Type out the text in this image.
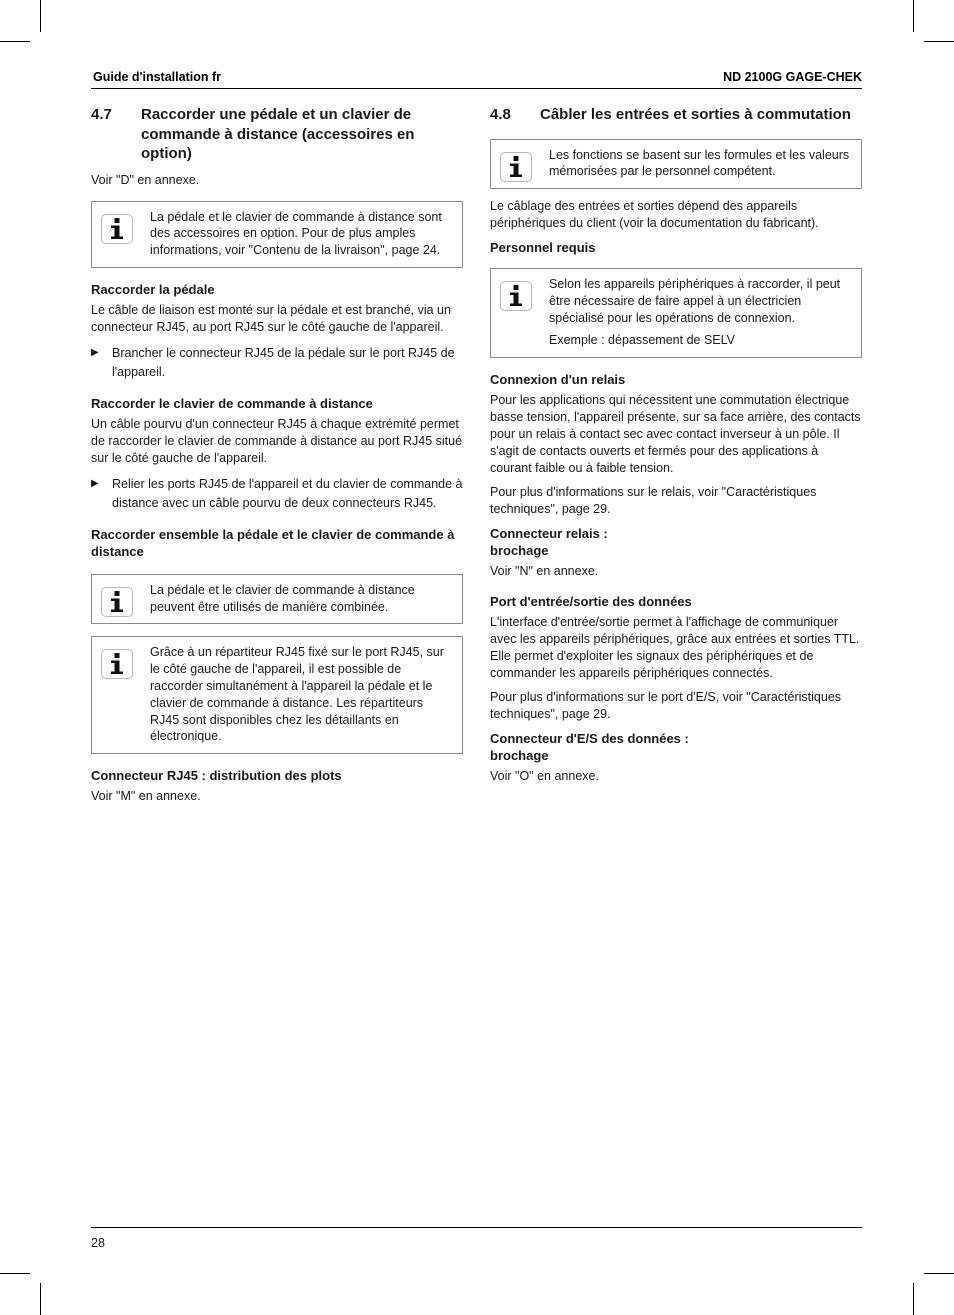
Guide d'installation fr	ND 2100G GAGE-CHEK
4.7	Raccorder une pédale et un clavier de commande à distance (accessoires en option)

Voir "D" en annexe.

La pédale et le clavier de commande à distance sont des accessoires en option. Pour de plus amples informations, voir "Contenu de la livraison", page 24.

Raccorder la pédale

Le câble de liaison est monté sur la pédale et est branché, via un connecteur RJ45, au port RJ45 sur le côté gauche de l'appareil.

▶	Brancher le connecteur RJ45 de la pédale sur le port RJ45 de l'appareil.
Raccorder le clavier de commande à distance

Un câble pourvu d'un connecteur RJ45 à chaque extrémité permet de raccorder le clavier de commande à distance au port RJ45 situé sur le côté gauche de l'appareil.

▶	Relier les ports RJ45 de l'appareil et du clavier de commande à distance avec un câble pourvu de deux connecteurs RJ45.
Raccorder ensemble la pédale et le clavier de commande à distance

La pédale et le clavier de commande à distance peuvent être utilisés de manière combinée.

Grâce à un répartiteur RJ45 fixé sur le port RJ45, sur le côté gauche de l'appareil, il est possible de raccorder simultanément à l'appareil la pédale et le clavier de commande à distance. Les répartiteurs RJ45 sont disponibles chez les détaillants en électronique.

Connecteur RJ45 : distribution des plots

Voir "M" en annexe.

4.8	Câbler les entrées et sorties à commutation

Les fonctions se basent sur les formules et les valeurs mémorisées par le personnel compétent.

Le câblage des entrées et sorties dépend des appareils périphériques du client (voir la documentation du fabricant).

Personnel requis

Selon les appareils périphériques à raccorder, il peut être nécessaire de faire appel à un électricien spécialisé pour les opérations de connexion.

Exemple : dépassement de SELV

Connexion d'un relais

Pour les applications qui nécessitent une commutation électrique basse tension, l'appareil présente, sur sa face arrière, des contacts pour un relais à contact sec avec contact inverseur à un pôle. Il s'agit de contacts ouverts et fermés pour des applications à courant faible ou à faible tension.

Pour plus d'informations sur le relais, voir "Caractéristiques techniques", page 29.

Connecteur relais :
brochage

Voir "N" en annexe.

Port d'entrée/sortie des données

L'interface d'entrée/sortie permet à l'affichage de communiquer avec les appareils périphériques, grâce aux entrées et sorties TTL. Elle permet d'exploiter les signaux des périphériques et de commander les appareils périphériques connectés.

Pour plus d'informations sur le port d'E/S, voir "Caractéristiques techniques", page 29.

Connecteur d'E/S des données :
brochage

Voir "O" en annexe.

28
